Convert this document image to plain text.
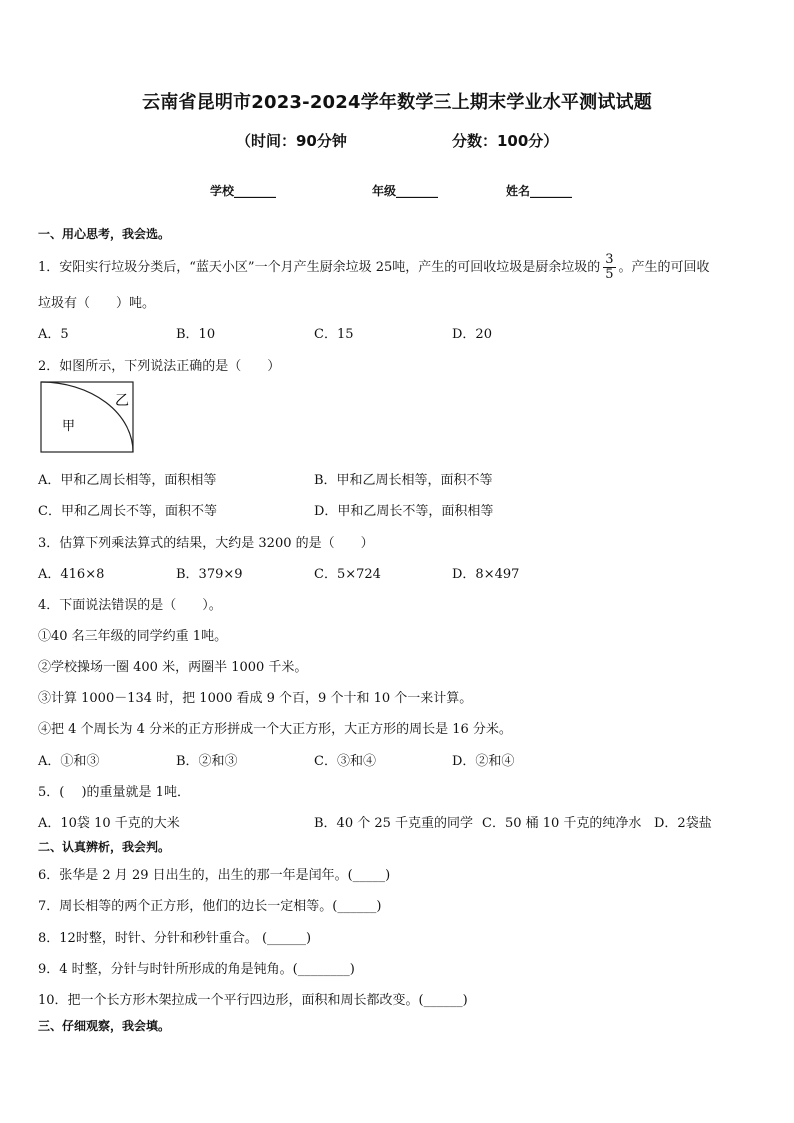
云南省昆明市2023-2024学年数学三上期末学业水平测试试题
（时间：90分钟	分数：100分）
学校_______	年级_______	姓名_______
一、用心思考，我会选。
1．安阳实行垃圾分类后，“蓝天小区”一个月产生厨余垃圾 25吨，产生的可回收垃圾是厨余垃圾的 $\frac{3}{5}$ 。产生的可回收
垃圾有（　　）吨。
A．5	B．10	C．15	D．20
2．如图所示，下列说法正确的是（　　）
甲
乙
A．甲和乙周长相等，面积相等	B．甲和乙周长相等，面积不等
C．甲和乙周长不等，面积不等	D．甲和乙周长不等，面积相等
3．估算下列乘法算式的结果，大约是 3200 的是（　　）
A．416×8	B．379×9	C．5×724	D．8×497
4．下面说法错误的是（　　）。
①40 名三年级的同学约重 1吨。
②学校操场一圈 400 米，两圈半 1000 千米。
③计算 1000－134 时，把 1000 看成 9 个百，9 个十和 10 个一来计算。
④把 4 个周长为 4 分米的正方形拼成一个大正方形，大正方形的周长是 16 分米。
A．①和③	B．②和③	C．③和④	D．②和④
5．(　 )的重量就是 1吨．
A．10袋 10 千克的大米	B．40 个 25 千克重的同学 C．50 桶 10 千克的纯净水 D．2袋盐
二、认真辨析，我会判。
6．张华是 2 月 29 日出生的，出生的那一年是闰年。(_____)
7．周长相等的两个正方形，他们的边长一定相等。(______)
8．12时整，时针、分针和秒针重合。 (______)
9．4 时整，分针与时针所形成的角是钝角。(________)
10．把一个长方形木架拉成一个平行四边形，面积和周长都改变。(______)
三、仔细观察，我会填。
